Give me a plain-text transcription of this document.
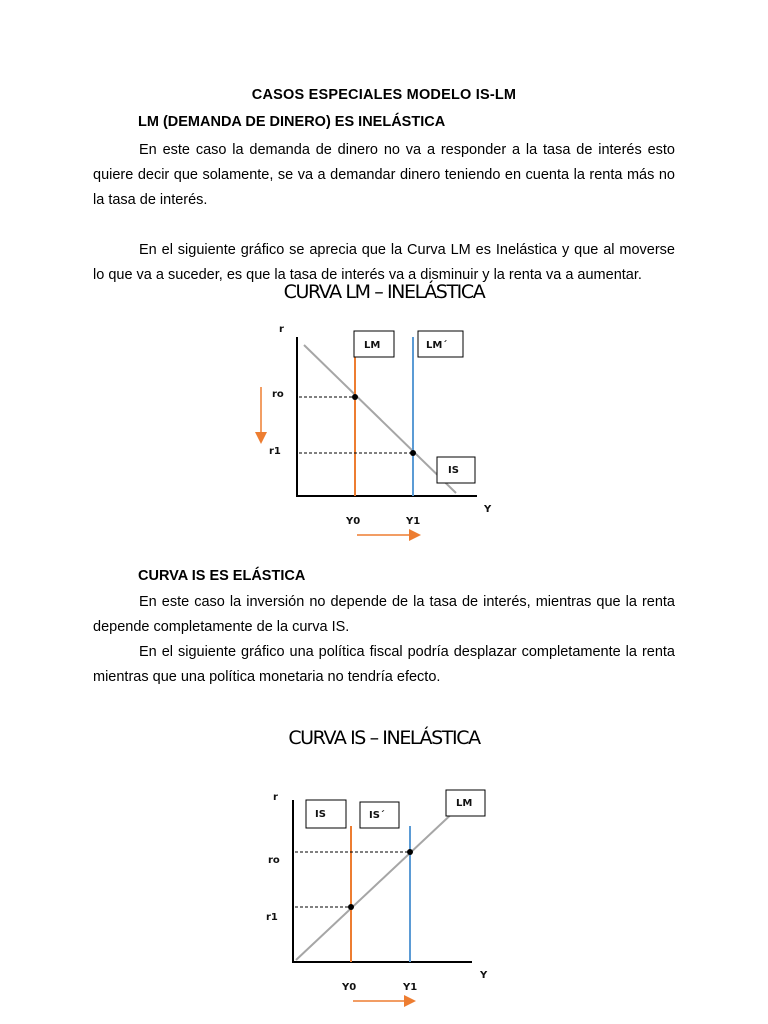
CASOS ESPECIALES MODELO IS-LM
LM (DEMANDA DE DINERO) ES INELÁSTICA

En este caso la demanda de dinero no va a responder a la tasa de interés esto quiere decir que solamente, se va a demandar dinero teniendo en cuenta la renta más no la tasa de interés.

En el siguiente gráfico se aprecia que la Curva LM es Inelástica y que al moverse lo que va a suceder, es que la tasa de interés va a disminuir y la renta va a aumentar.

CURVA LM – INELÁSTICA
r
Y
ro
r1
Y0	Y1
LM	LM´
IS
CURVA IS ES ELÁSTICA

En este caso la inversión no depende de la tasa de interés, mientras que la renta depende completamente de la curva IS.

En el siguiente gráfico una política fiscal podría desplazar completamente la renta mientras que una política monetaria no tendría efecto.

CURVA IS – INELÁSTICA
r
Y
ro
r1
Y0	Y1
IS	IS´
LM
